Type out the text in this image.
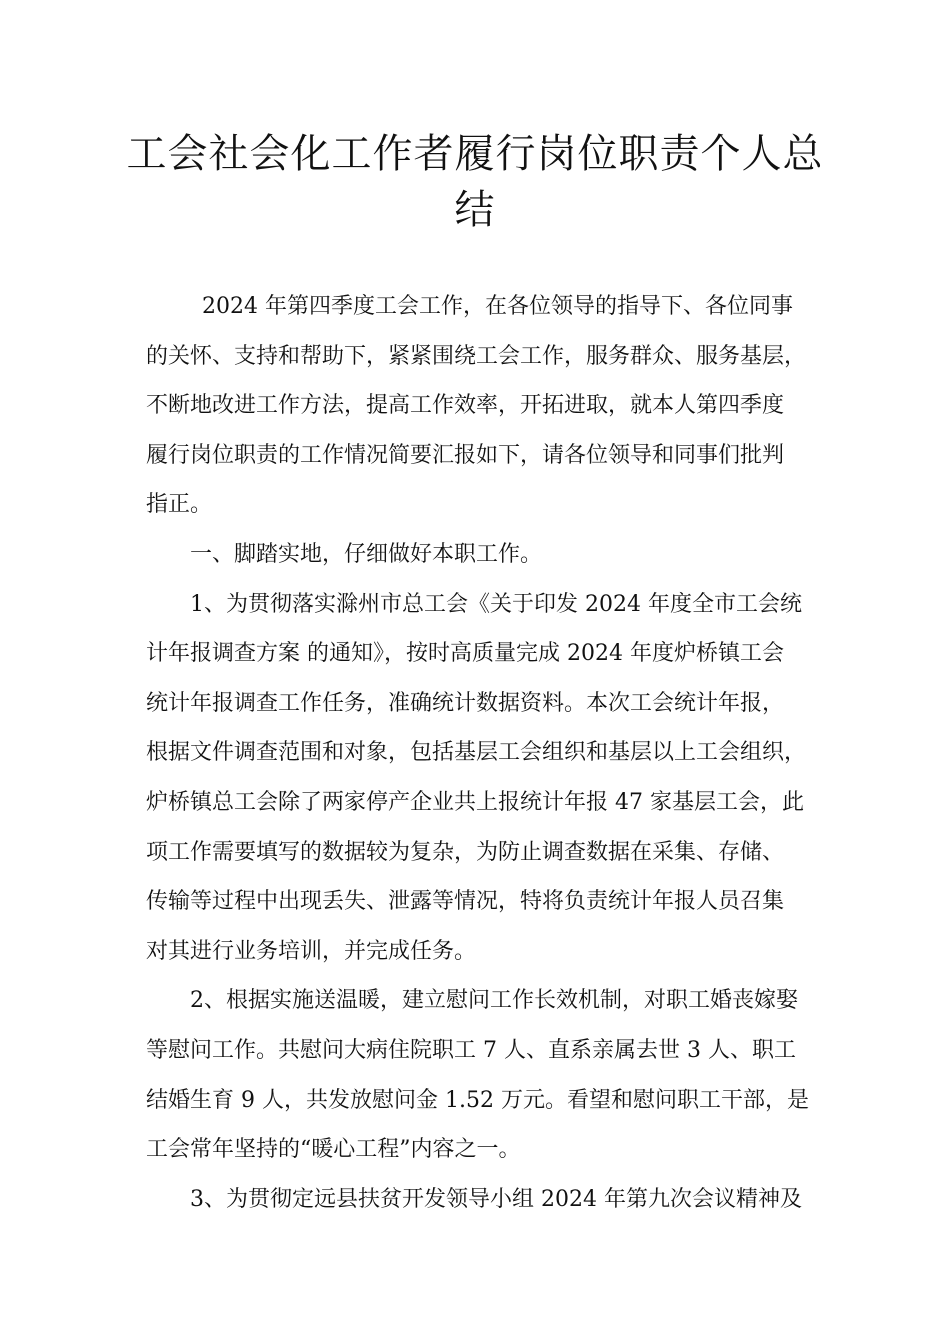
工会社会化工作者履行岗位职责个人总
结

2024 年第四季度工会工作，在各位领导的指导下、各位同事
的关怀、支持和帮助下，紧紧围绕工会工作，服务群众、服务基层，
不断地改进工作方法，提高工作效率，开拓进取，就本人第四季度
履行岗位职责的工作情况简要汇报如下，请各位领导和同事们批判
指正。

一、脚踏实地，仔细做好本职工作。

1、为贯彻落实滁州市总工会《关于印发 2024 年度全市工会统
计年报调查方案 的通知》，按时高质量完成 2024 年度炉桥镇工会
统计年报调查工作任务，准确统计数据资料。本次工会统计年报，
根据文件调查范围和对象，包括基层工会组织和基层以上工会组织，
炉桥镇总工会除了两家停产企业共上报统计年报 47 家基层工会，此
项工作需要填写的数据较为复杂，为防止调查数据在采集、存储、
传输等过程中出现丢失、泄露等情况，特将负责统计年报人员召集
对其进行业务培训，并完成任务。

2、根据实施送温暖，建立慰问工作长效机制，对职工婚丧嫁娶
等慰问工作。共慰问大病住院职工 7 人、直系亲属去世 3 人、职工
结婚生育 9 人，共发放慰问金 1.52 万元。看望和慰问职工干部，是
工会常年坚持的“暖心工程”内容之一。

3、为贯彻定远县扶贫开发领导小组 2024 年第九次会议精神及
